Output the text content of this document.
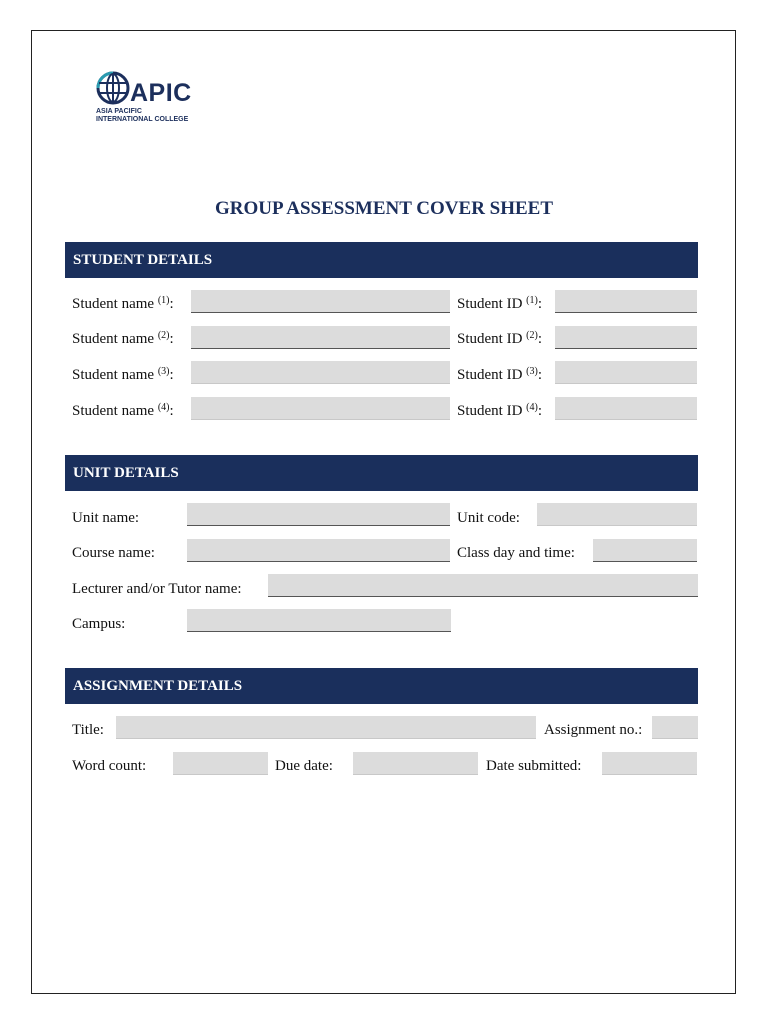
APIC
ASIA PACIFIC
INTERNATIONAL COLLEGE
GROUP ASSESSMENT COVER SHEET
STUDENT DETAILS
Student name $^{(1)}$:	Student ID $^{(1)}$:
Student name $^{(2)}$:	Student ID $^{(2)}$:
Student name $^{(3)}$:	Student ID $^{(3)}$:
Student name $^{(4)}$:	Student ID $^{(4)}$:
UNIT DETAILS
Unit name:	Unit code:
Course name:	Class day and time:
Lecturer and/or Tutor name:
Campus:
ASSIGNMENT DETAILS
Title:	Assignment no.:
Word count:	Due date:	Date submitted:
